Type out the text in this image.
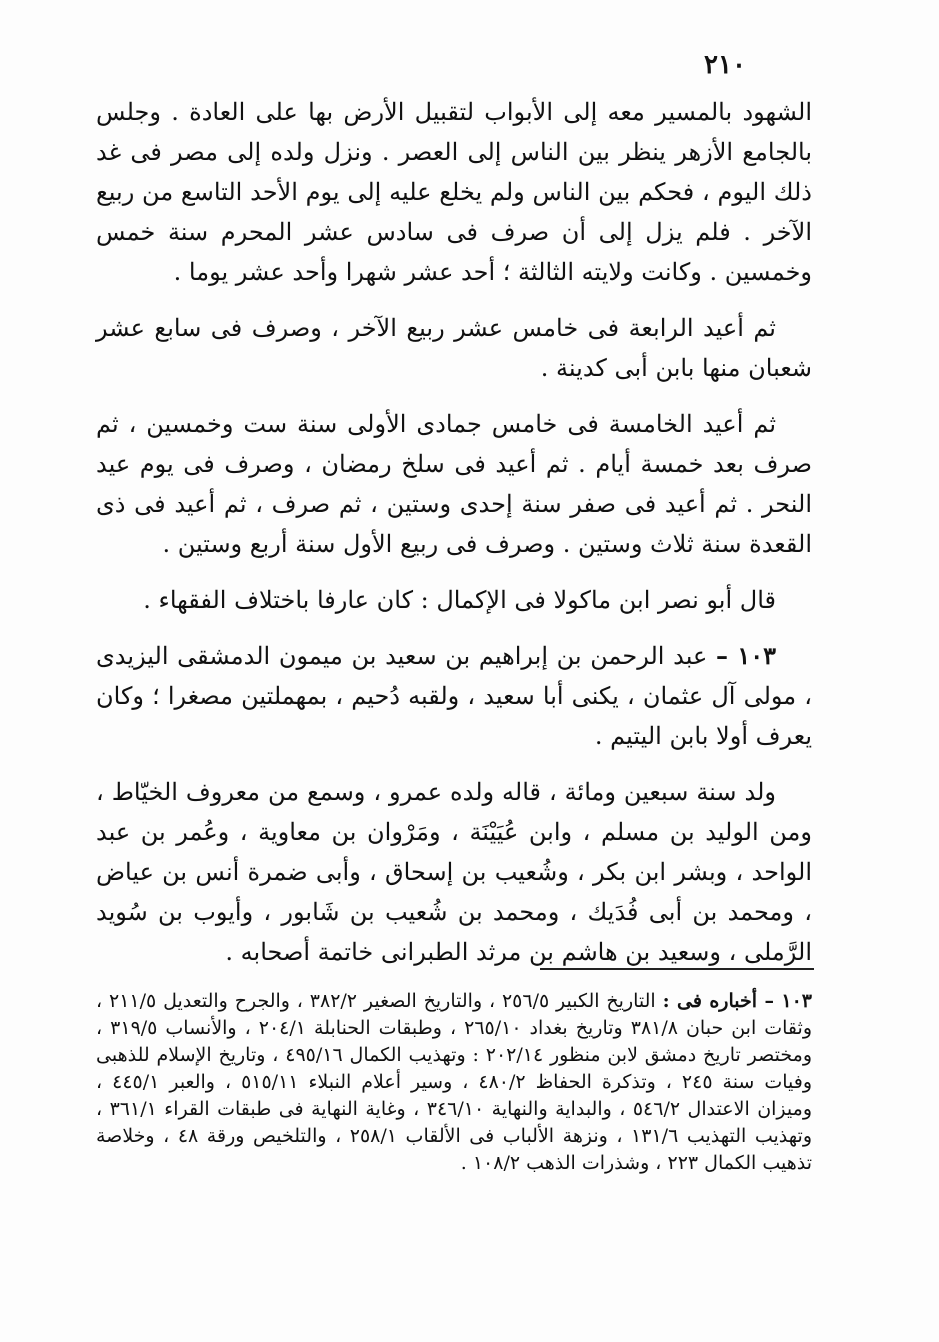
٢١٠

الشهود بالمسير معه إلى الأبواب لتقبيل الأرض بها على العادة . وجلس بالجامع الأزهر ينظر بين الناس إلى العصر . ونزل ولده إلى مصر فى غد ذلك اليوم ، فحكم بين الناس ولم يخلع عليه إلى يوم الأحد التاسع من ربيع الآخر . فلم يزل إلى أن صرف فى سادس عشر المحرم سنة خمس وخمسين . وكانت ولايته الثالثة ؛ أحد عشر شهرا وأحد عشر يوما .

ثم أعيد الرابعة فى خامس عشر ربيع الآخر ، وصرف فى سابع عشر شعبان منها بابن أبى كدينة .

ثم أعيد الخامسة فى خامس جمادى الأولى سنة ست وخمسين ، ثم صرف بعد خمسة أيام . ثم أعيد فى سلخ رمضان ، وصرف فى يوم عيد النحر . ثم أعيد فى صفر سنة إحدى وستين ، ثم صرف ، ثم أعيد فى ذى القعدة سنة ثلاث وستين . وصرف فى ربيع الأول سنة أربع وستين .

قال أبو نصر ابن ماكولا فى الإكمال : كان عارفا باختلاف الفقهاء .

١٠٣ – عبد الرحمن بن إبراهيم بن سعيد بن ميمون الدمشقى اليزيدى ، مولى آل عثمان ، يكنى أبا سعيد ، ولقبه دُحيم ، بمهملتين مصغرا ؛ وكان يعرف أولا بابن اليتيم .

ولد سنة سبعين ومائة ، قاله ولده عمرو ، وسمع من معروف الخيّاط ، ومن الوليد بن مسلم ، وابن عُيَيْنَة ، ومَرْوان بن معاوية ، وعُمر بن عبد الواحد ، وبشر ابن بكر ، وشُعيب بن إسحاق ، وأبى ضمرة أنس بن عياض ، ومحمد بن أبى فُدَيك ، ومحمد بن شُعيب بن شَابور ، وأيوب بن سُويد الرَّملى ، وسعيد بن هاشم بن مرثد الطبرانى خاتمة أصحابه .

١٠٣ – أخباره فى : التاريخ الكبير ٢٥٦/٥ ، والتاريخ الصغير ٣٨٢/٢ ، والجرح والتعديل ٢١١/٥ ، وثقات ابن حبان ٣٨١/٨ وتاريخ بغداد ٢٦٥/١٠ ، وطبقات الحنابلة ٢٠٤/١ ، والأنساب ٣١٩/٥ ، ومختصر تاريخ دمشق لابن منظور ٢٠٢/١٤ : وتهذيب الكمال ٤٩٥/١٦ ، وتاريخ الإسلام للذهبى وفيات سنة ٢٤٥ ، وتذكرة الحفاظ ٤٨٠/٢ ، وسير أعلام النبلاء ٥١٥/١١ ، والعبر ٤٤٥/١ ، وميزان الاعتدال ٥٤٦/٢ ، والبداية والنهاية ٣٤٦/١٠ ، وغاية النهاية فى طبقات القراء ٣٦١/١ ، وتهذيب التهذيب ١٣١/٦ ، ونزهة الألباب فى الألقاب ٢٥٨/١ ، والتلخيص ورقة ٤٨ ، وخلاصة تذهيب الكمال ٢٢٣ ، وشذرات الذهب ١٠٨/٢ .
